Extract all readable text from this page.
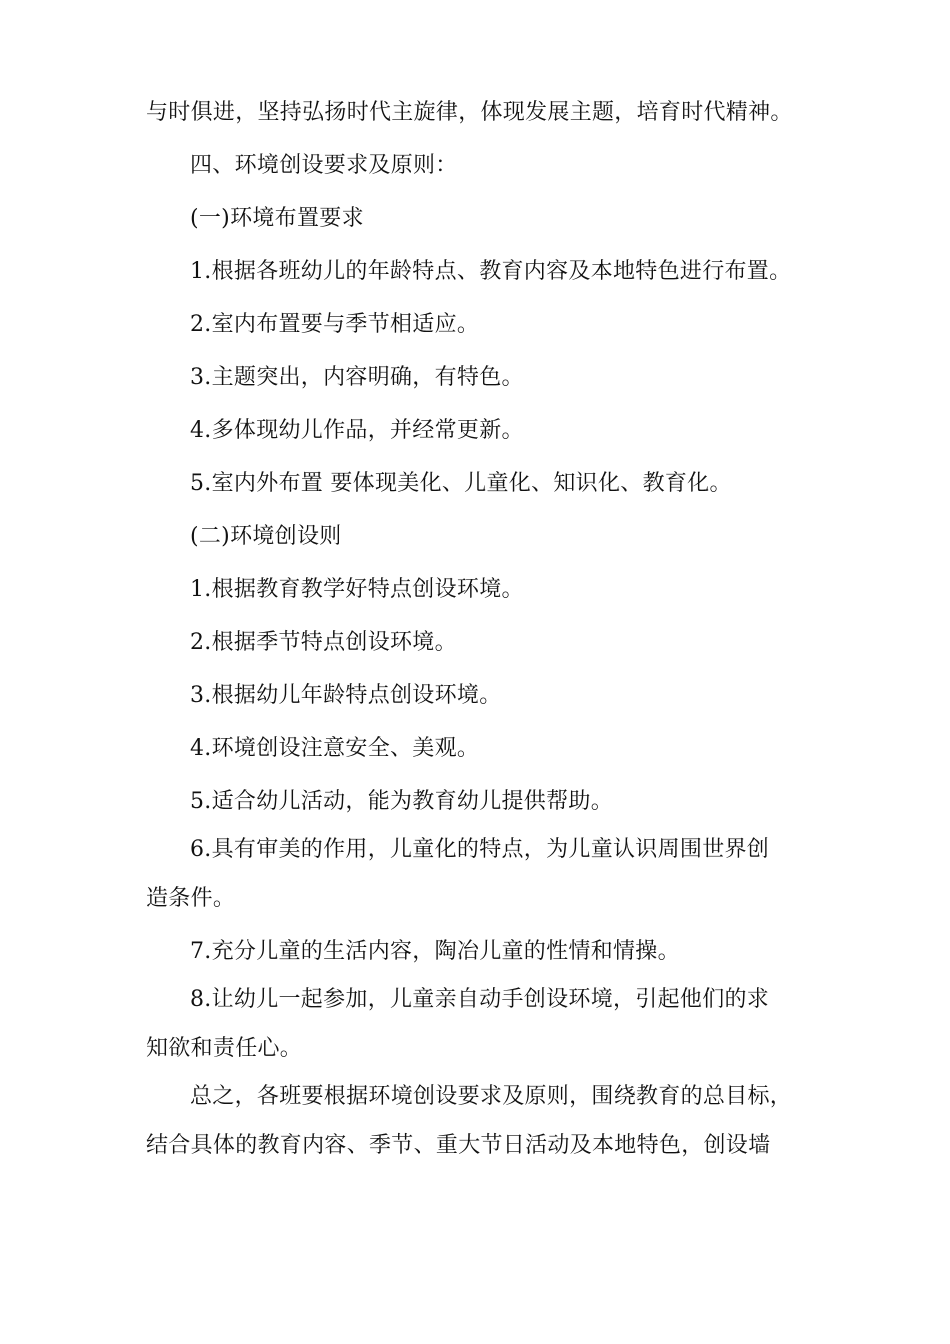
与时俱进，坚持弘扬时代主旋律，体现发展主题，培育时代精神。

四、环境创设要求及原则：

(一)环境布置要求

1.根据各班幼儿的年龄特点、教育内容及本地特色进行布置。

2.室内布置要与季节相适应。

3.主题突出，内容明确，有特色。

4.多体现幼儿作品，并经常更新。

5.室内外布置 要体现美化、儿童化、知识化、教育化。

(二)环境创设则

1.根据教育教学好特点创设环境。

2.根据季节特点创设环境。

3.根据幼儿年龄特点创设环境。

4.环境创设注意安全、美观。

5.适合幼儿活动，能为教育幼儿提供帮助。

6.具有审美的作用，儿童化的特点，为儿童认识周围世界创

造条件。

7.充分儿童的生活内容，陶冶儿童的性情和情操。

8.让幼儿一起参加，儿童亲自动手创设环境，引起他们的求

知欲和责任心。

总之，各班要根据环境创设要求及原则，围绕教育的总目标，

结合具体的教育内容、季节、重大节日活动及本地特色，创设墙
